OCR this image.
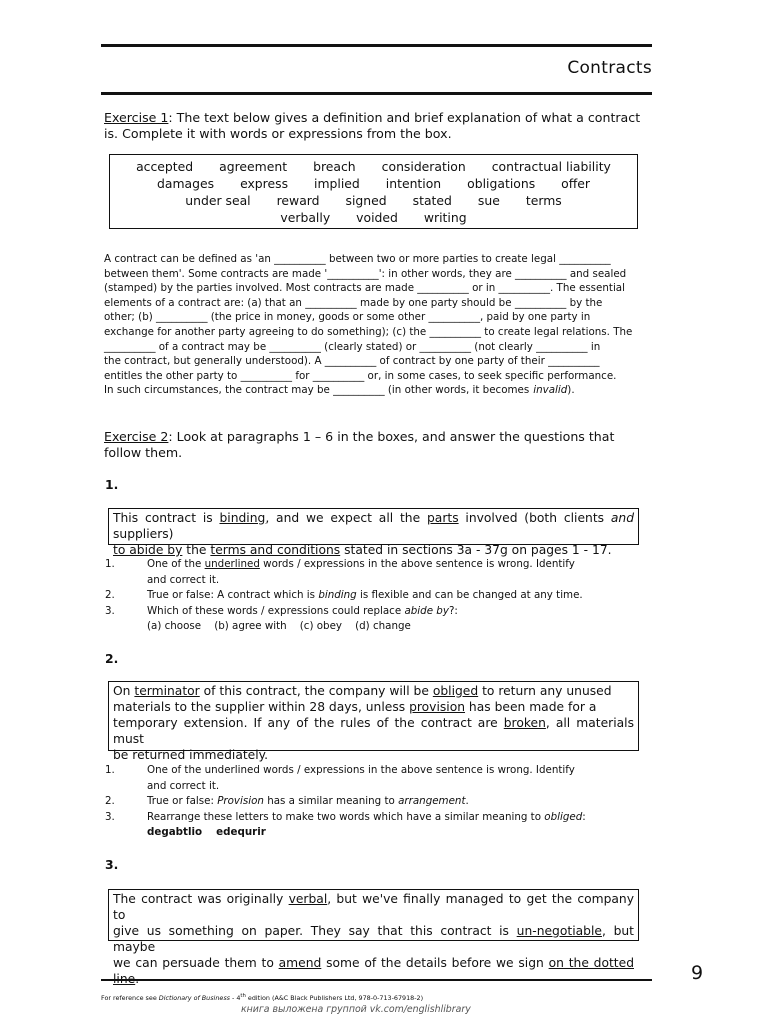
Contracts
Exercise 1: The text below gives a definition and brief explanation of what a contract is. Complete it with words or expressions from the box.
accepted agreement breach consideration contractual liability
damages express implied intention obligations offer
under seal reward signed stated sue terms
verbally voided writing
A contract can be defined as 'an __________ between two or more parties to create legal __________
between them'. Some contracts are made '__________': in other words, they are __________ and sealed
(stamped) by the parties involved. Most contracts are made __________ or in __________. The essential
elements of a contract are: (a) that an __________ made by one party should be __________ by the
other; (b) __________ (the price in money, goods or some other __________, paid by one party in
exchange for another party agreeing to do something); (c) the __________ to create legal relations. The
__________ of a contract may be __________ (clearly stated) or __________ (not clearly __________ in
the contract, but generally understood). A __________ of contract by one party of their __________
entitles the other party to __________ for __________ or, in some cases, to seek specific performance.
In such circumstances, the contract may be __________ (in other words, it becomes invalid ).
Exercise 2: Look at paragraphs 1 – 6 in the boxes, and answer the questions that follow them.
1.
This contract is binding, and we expect all the parts involved (both clients and suppliers)
to abide by the terms and conditions stated in sections 3a - 37g on pages 1 - 17.
1.	One of the underlined words / expressions in the above sentence is wrong. Identify
and correct it.
2.	True or false: A contract which is binding is flexible and can be changed at any time.
3.	Which of these words / expressions could replace abide by?:
(a) choose    (b) agree with    (c) obey    (d) change
2.
On terminator of this contract, the company will be obliged to return any unused
materials to the supplier within 28 days, unless provision has been made for a
temporary extension. If any of the rules of the contract are broken, all materials must
be returned immediately.
1.	One of the underlined words / expressions in the above sentence is wrong. Identify
and correct it.
2.	True or false: Provision has a similar meaning to arrangement.
3.	Rearrange these letters to make two words which have a similar meaning to obliged:
degabtlio edequrir
3.
The contract was originally verbal, but we've finally managed to get the company to
give us something on paper. They say that this contract is un-negotiable, but maybe
we can persuade them to amend some of the details before we sign on the dotted	9
For reference see Dictionary of Business - 4th edition (A&C Black Publishers Ltd, 978-0-713-67918-2)
книга выложена группой vk.com/englishlibrary
